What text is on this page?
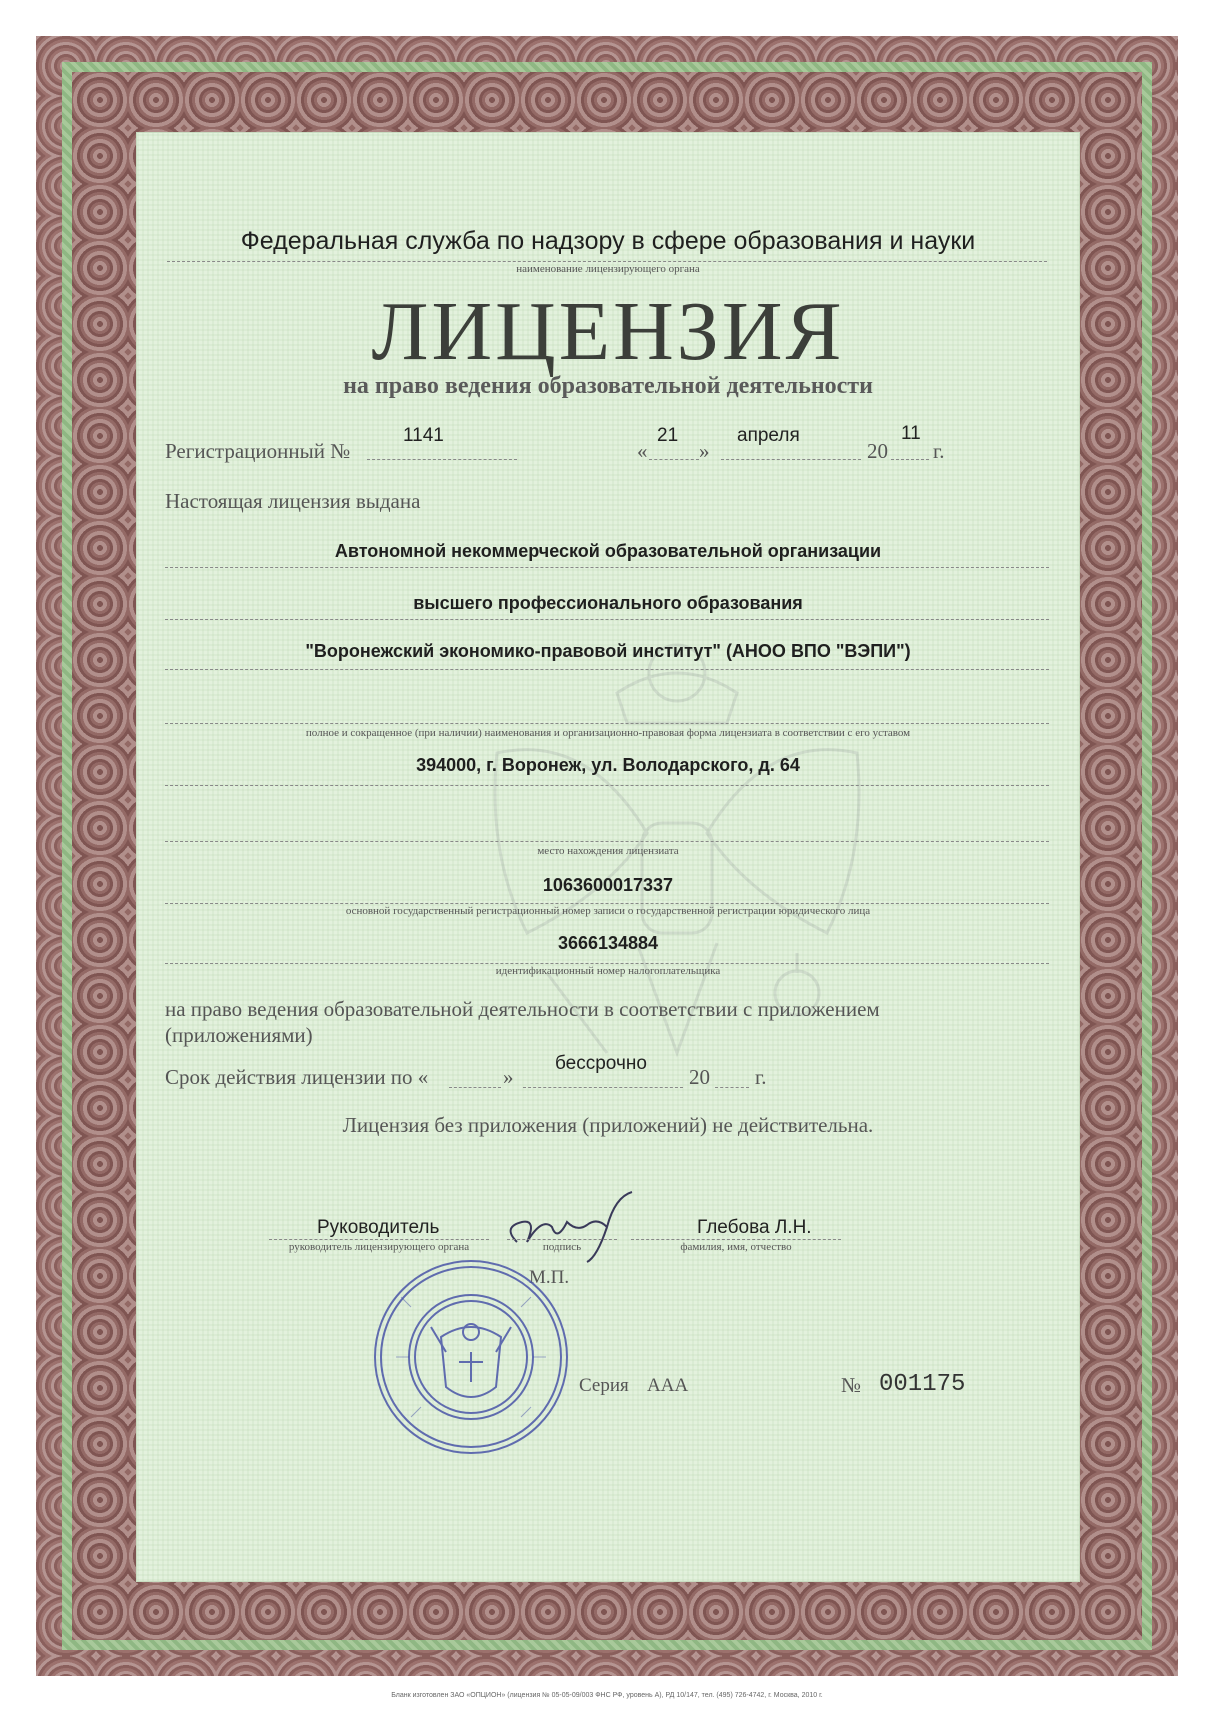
Федеральная служба по надзору в сфере образования и науки
наименование лицензирующего органа
ЛИЦЕНЗИЯ
на право ведения образовательной деятельности
Регистрационный №
1141
«
21
»
апреля
20
11
г.
Настоящая лицензия выдана
Автономной некоммерческой образовательной организации
высшего профессионального образования
"Воронежский экономико-правовой институт" (АНОО ВПО "ВЭПИ")
полное и сокращенное (при наличии) наименования и организационно-правовая форма лицензиата в соответствии с его уставом
394000, г. Воронеж, ул. Володарского, д. 64
место нахождения лицензиата
1063600017337
основной государственный регистрационный номер записи о государственной регистрации юридического лица
3666134884
идентификационный номер налогоплательщика
на право ведения образовательной деятельности в соответствии с приложением
(приложениями)
Срок действия лицензии по «	»
бессрочно
20 г.
Лицензия без приложения (приложений) не действительна.
Руководитель
руководитель лицензирующего органа	подпись
Глебова Л.Н.
фамилия, имя, отчество
М.П.
Серия ААА	№ 001175
Бланк изготовлен ЗАО «ОПЦИОН» (лицензия № 05-05-09/003 ФНС РФ, уровень А), РД 10/147, тел. (495) 726-4742, г. Москва, 2010 г.
